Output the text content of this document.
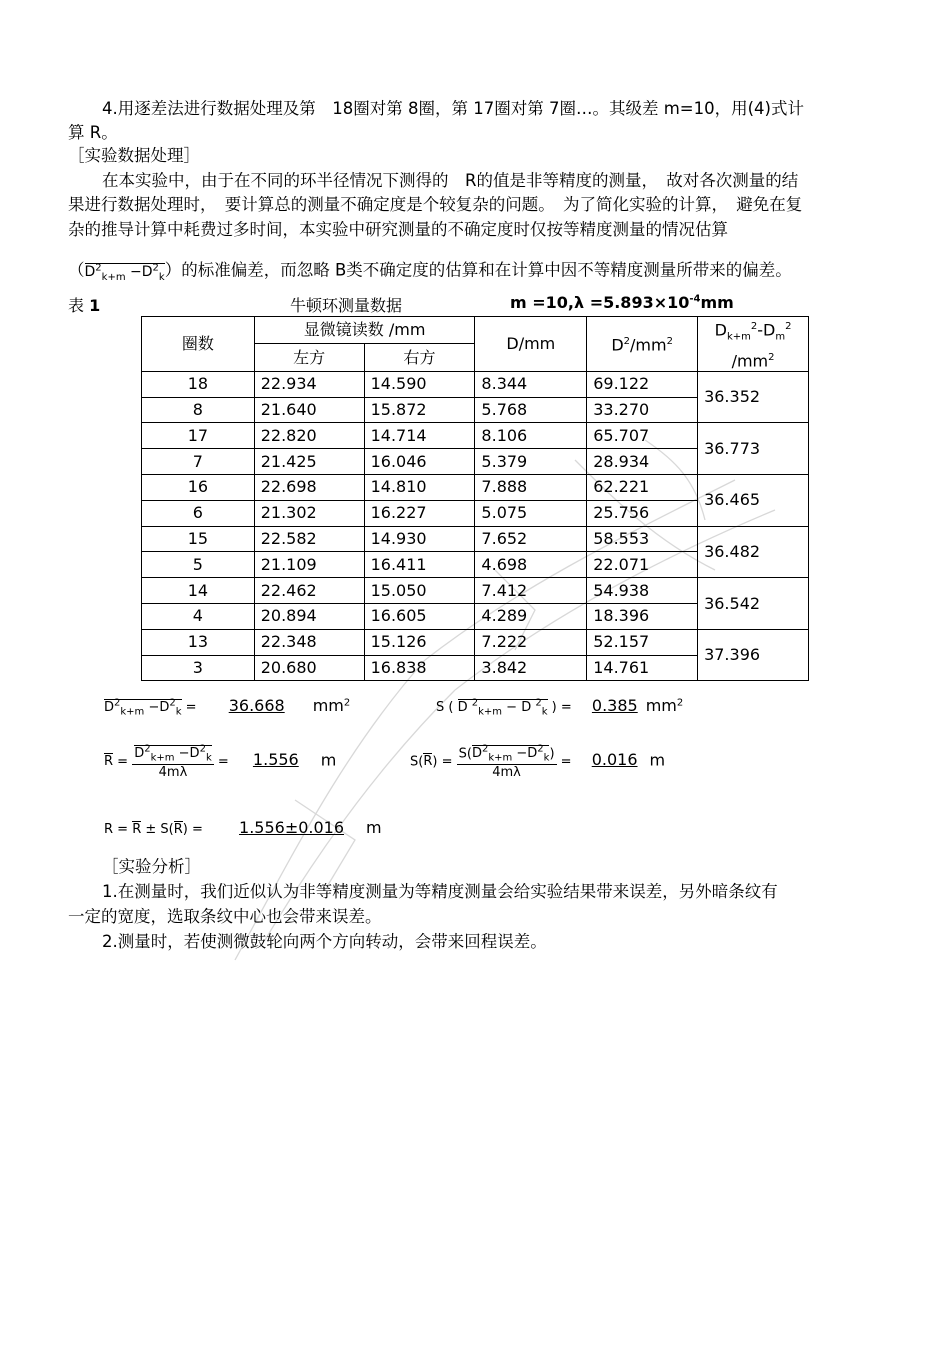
4.用逐差法进行数据处理及第　18圈对第 8圈，第 17圈对第 7圈…。其级差 m=10，用(4)式计
算 R。
［实验数据处理］
在本实验中，由于在不同的环半径情况下测得的　R的值是非等精度的测量，　故对各次测量的结
果进行数据处理时，　要计算总的测量不确定度是个较复杂的问题。　为了简化实验的计算，　避免在复
杂的推导计算中耗费过多时间，本实验中研究测量的不确定度时仅按等精度测量的情况估算
$(D^2_{k+m} -D^2_k)$的标准偏差，而忽略 B类不确定度的估算和在计算中因不等精度测量所带来的偏差。
表 1	牛顿环测量数据	$m =10,\lambda =5.893\times 10^{-4}mm$
圈数	显微镜读数 /mm		D/mm	$D^2/mm^2$	$D_{k+m}^2-D_m^2$
$/mm^2$
	左方	右方			
18	22.934	14.590	8.344	69.122	36.352
8	21.640	15.872	5.768	33.270	
17	22.820	14.714	8.106	65.707	36.773
7	21.425	16.046	5.379	28.934	
16	22.698	14.810	7.888	62.221	36.465
6	21.302	16.227	5.075	25.756	
15	22.582	14.930	7.652	58.553	36.482
5	21.109	16.411	4.698	22.071	
14	22.462	15.050	7.412	54.938	36.542
4	20.894	16.605	4.289	18.396	
13	22.348	15.126	7.222	52.157	37.396
3	20.680	16.838	3.842	14.761	
$D^2_{k+m} -D^2_k = 36.668$ $mm^2$	S ( D $^2_{k+m}$ − D $^2_k$ ) = 0.385 $mm^2$
$R = \frac{D^2_{k+m} -D^2_k}{4m\lambda} = 1.556$ m	$S(R) = \frac{S(D^2_{k+m} -D^2_k)}{4m\lambda} = 0.016$ m
R = R ± S(R) = 1.556±0.016 m
［实验分析］
1.在测量时，我们近似认为非等精度测量为等精度测量会给实验结果带来误差，另外暗条纹有
一定的宽度，选取条纹中心也会带来误差。
2.测量时，若使测微鼓轮向两个方向转动，会带来回程误差。
